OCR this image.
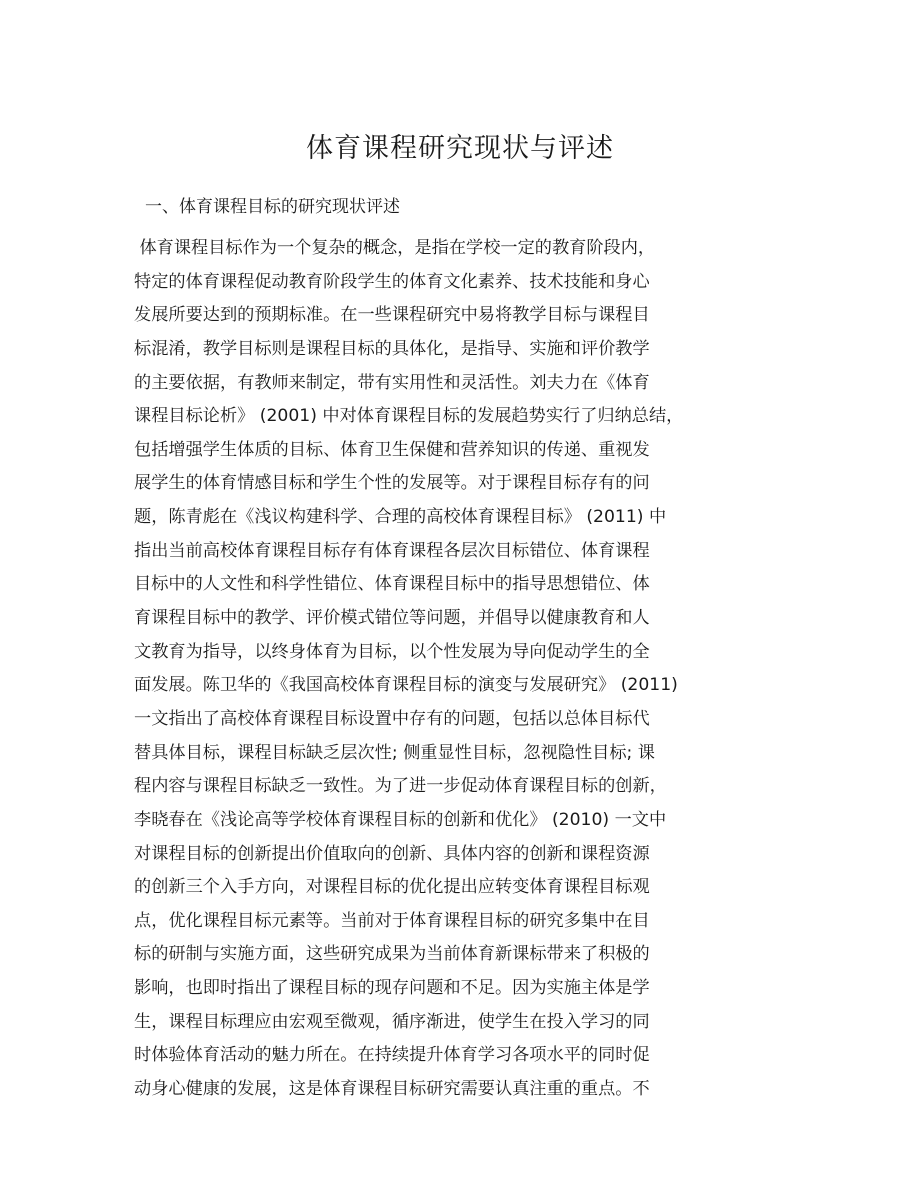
体育课程研究现状与评述
一、体育课程目标的研究现状评述
体育课程目标作为一个复杂的概念，是指在学校一定的教育阶段内，
特定的体育课程促动教育阶段学生的体育文化素养、技术技能和身心
发展所要达到的预期标准。在一些课程研究中易将教学目标与课程目
标混淆，教学目标则是课程目标的具体化，是指导、实施和评价教学
的主要依据，有教师来制定，带有实用性和灵活性。刘夫力在《体育
课程目标论析》 (2001) 中对体育课程目标的发展趋势实行了归纳总结，
包括增强学生体质的目标、体育卫生保健和营养知识的传递、重视发
展学生的体育情感目标和学生个性的发展等。对于课程目标存有的问
题，陈青彪在《浅议构建科学、合理的高校体育课程目标》 (2011) 中
指出当前高校体育课程目标存有体育课程各层次目标错位、体育课程
目标中的人文性和科学性错位、体育课程目标中的指导思想错位、体
育课程目标中的教学、评价模式错位等问题，并倡导以健康教育和人
文教育为指导，以终身体育为目标，以个性发展为导向促动学生的全
面发展。陈卫华的《我国高校体育课程目标的演变与发展研究》 (2011)
一文指出了高校体育课程目标设置中存有的问题，包括以总体目标代
替具体目标，课程目标缺乏层次性; 侧重显性目标，忽视隐性目标; 课
程内容与课程目标缺乏一致性。为了进一步促动体育课程目标的创新，
李晓春在《浅论高等学校体育课程目标的创新和优化》 (2010) 一文中
对课程目标的创新提出价值取向的创新、具体内容的创新和课程资源
的创新三个入手方向，对课程目标的优化提出应转变体育课程目标观
点，优化课程目标元素等。当前对于体育课程目标的研究多集中在目
标的研制与实施方面，这些研究成果为当前体育新课标带来了积极的
影响，也即时指出了课程目标的现存问题和不足。因为实施主体是学
生，课程目标理应由宏观至微观，循序渐进，使学生在投入学习的同
时体验体育活动的魅力所在。在持续提升体育学习各项水平的同时促
动身心健康的发展，这是体育课程目标研究需要认真注重的重点。不
